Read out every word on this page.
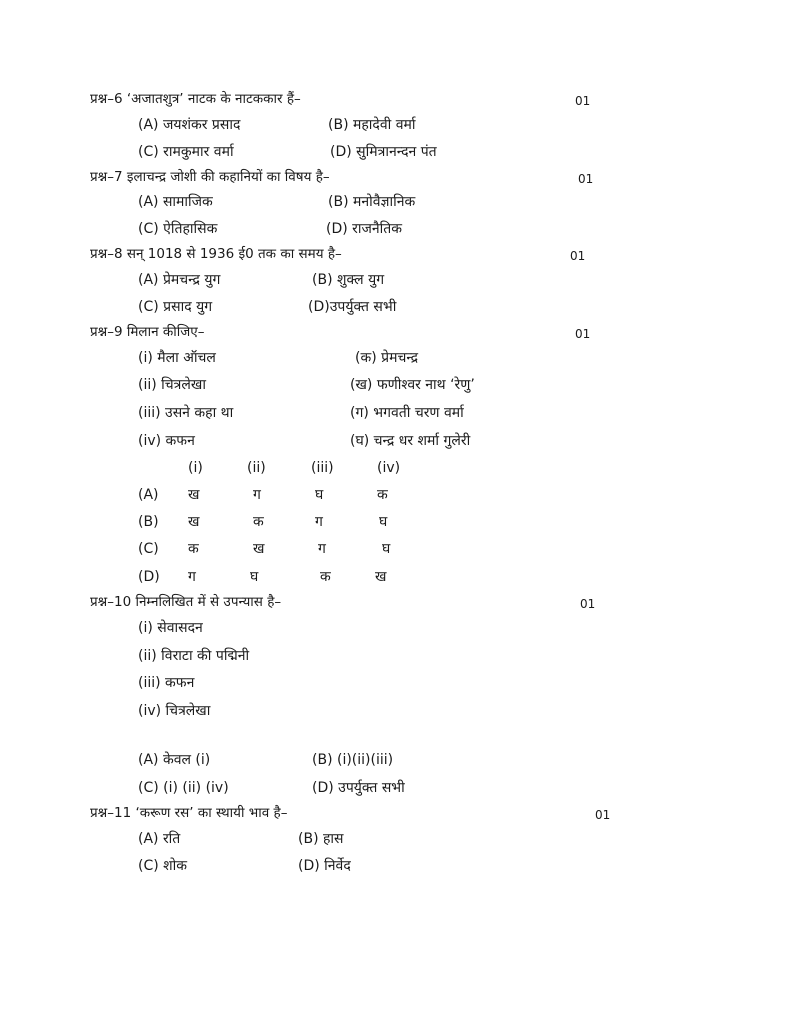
प्रश्न–6 ‘अजातशुत्र’ नाटक के नाटककार हैं–	01
(A) जयशंकर प्रसाद	(B) महादेवी वर्मा
(C) रामकुमार वर्मा	(D) सुमित्रानन्दन पंत
प्रश्न–7 इलाचन्द्र जोशी की कहानियों का विषय है–	01
(A) सामाजिक	(B) मनोवैज्ञानिक
(C) ऐतिहासिक	(D) राजनैतिक
प्रश्न–8 सन् 1018 से 1936 ई0 तक का समय है–	01
(A) प्रेमचन्द्र युग	(B) शुक्ल युग
(C) प्रसाद युग	(D)उपर्युक्त सभी
प्रश्न–9 मिलान कीजिए–	01
(i) मैला ऑचल	(क) प्रेमचन्द्र
(ii) चित्रलेखा	(ख) फणीश्वर नाथ ‘रेणु’
(iii) उसने कहा था	(ग) भगवती चरण वर्मा
(iv) कफन	(घ) चन्द्र धर शर्मा गुलेरी
(i)	(ii)	(iii)	(iv)
(A) ख	ग	घ	क
(B) ख	क	ग	घ
(C) क	ख	ग	घ
(D) ग	घ	क	ख
प्रश्न–10 निम्नलिखित में से उपन्यास है–	01
(i) सेवासदन
(ii) विराटा की पद्मिनी
(iii) कफन
(iv) चित्रलेखा
(A) केवल (i)	(B) (i)(ii)(iii)
(C) (i) (ii) (iv)	(D) उपर्युक्त सभी
प्रश्न–11 ‘करूण रस’ का स्थायी भाव है–	01
(A) रति	(B) हास
(C) शोक	(D) निर्वेद
